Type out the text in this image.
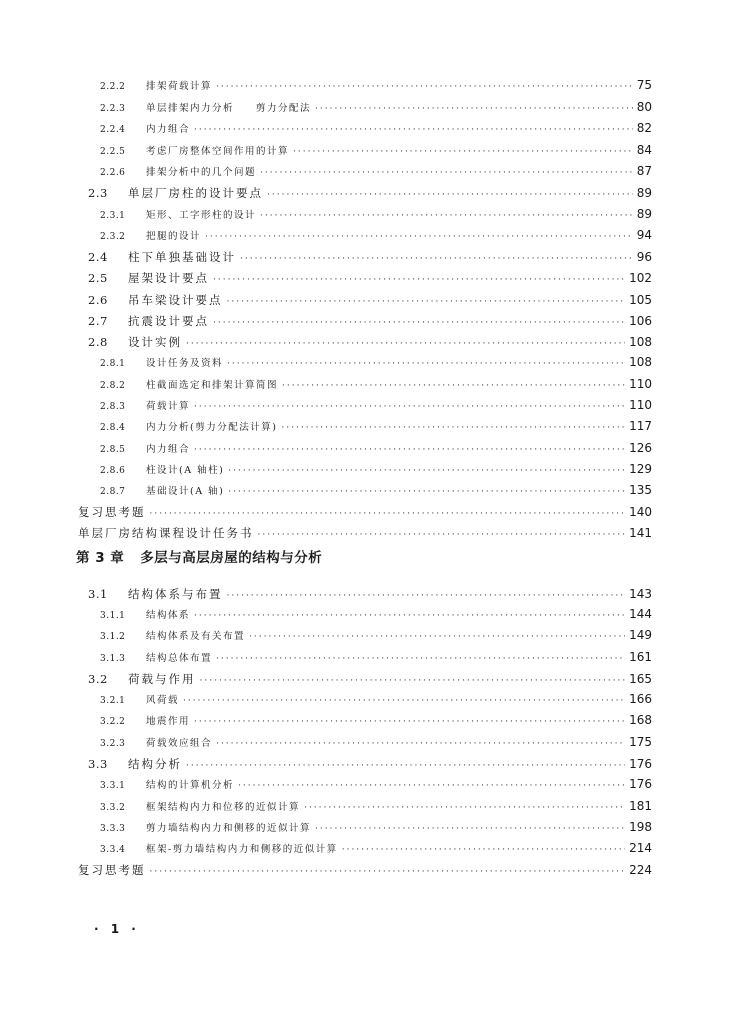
2.2.2	排架荷载计算 ·····	75
2.2.3	单层排架内力分析　　剪力分配法 ·····	80
2.2.4	内力组合 ·····	82
2.2.5	考虑厂房整体空间作用的计算 ·····	84
2.2.6	排架分析中的几个问题 ·····	87
2.3	单层厂房柱的设计要点 ·····	89
2.3.1	矩形、工字形柱的设计 ·····	89
2.3.2	把腿的设计 ·····	94
2.4	柱下单独基础设计 ·····	96
2.5	屋架设计要点 ·····	102
2.6	吊车梁设计要点 ·····	105
2.7	抗震设计要点 ·····	106
2.8	设计实例 ·····	108
2.8.1	设计任务及资料 ·····	108
2.8.2	柱截面选定和排架计算简图 ·····	110
2.8.3	荷载计算 ·····	110
2.8.4	内力分析(剪力分配法计算) ·····	117
2.8.5	内力组合 ·····	126
2.8.6	柱设计(A 轴柱) ·····	129
2.8.7	基础设计(A 轴) ·····	135
复习思考题 ·····	140
单层厂房结构课程设计任务书 ·····	141
第 3 章 多层与高层房屋的结构与分析
3.1	结构体系与布置 ·····	143
3.1.1	结构体系 ·····	144
3.1.2	结构体系及有关布置 ·····	149
3.1.3	结构总体布置 ·····	161
3.2	荷载与作用 ·····	165
3.2.1	风荷载 ·····	166
3.2.2	地震作用 ·····	168
3.2.3	荷载效应组合 ·····	175
3.3	结构分析 ·····	176
3.3.1	结构的计算机分析 ·····	176
3.3.2	框架结构内力和位移的近似计算 ·····	181
3.3.3	剪力墙结构内力和侧移的近似计算 ·····	198
3.3.4	框架-剪力墙结构内力和侧移的近似计算 ·····	214
复习思考题 ·····	224
· 1 ·
